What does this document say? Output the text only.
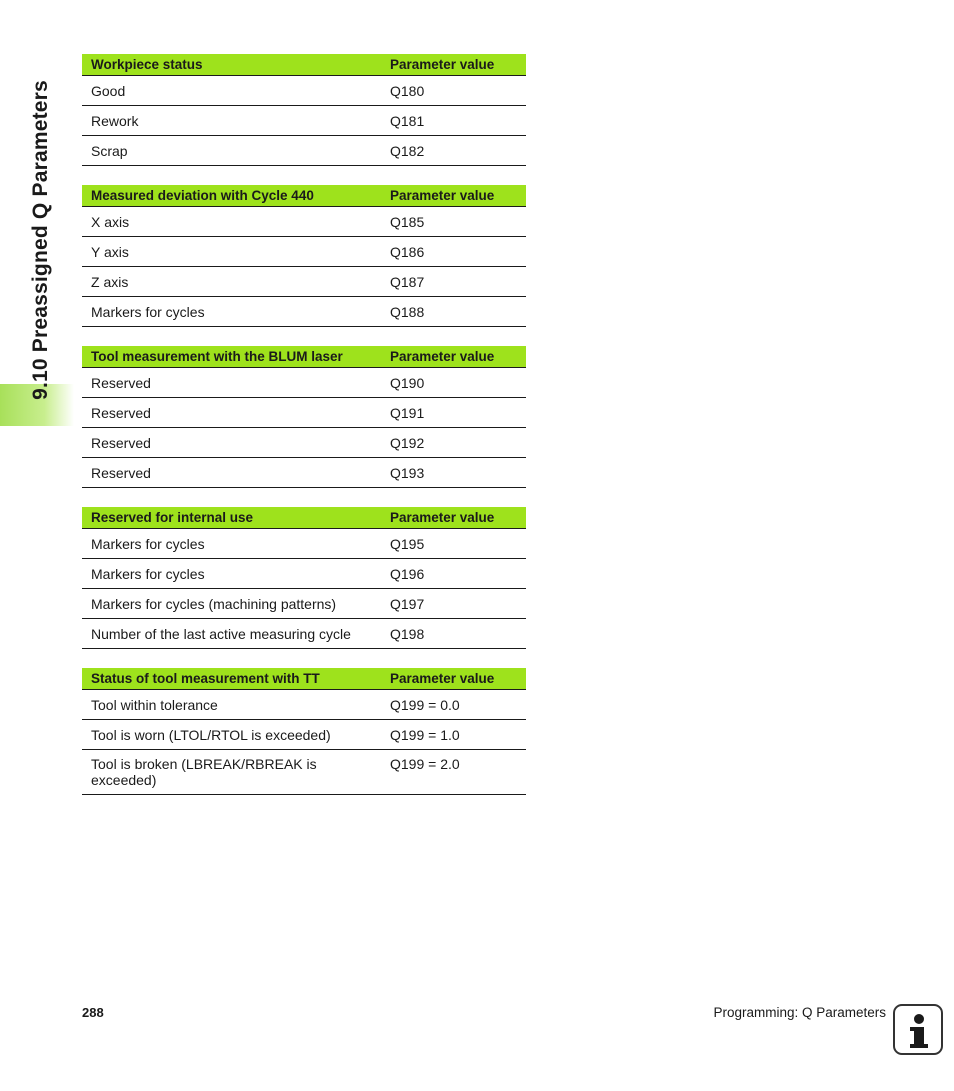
9.10 Preassigned Q Parameters
Workpiece status	Parameter value
Good	Q180
Rework	Q181
Scrap	Q182
Measured deviation with Cycle 440	Parameter value
X axis	Q185
Y axis	Q186
Z axis	Q187
Markers for cycles	Q188
Tool measurement with the BLUM laser	Parameter value
Reserved	Q190
Reserved	Q191
Reserved	Q192
Reserved	Q193
Reserved for internal use	Parameter value
Markers for cycles	Q195
Markers for cycles	Q196
Markers for cycles (machining patterns)	Q197
Number of the last active measuring cycle	Q198
Status of tool measurement with TT	Parameter value
Tool within tolerance	Q199 = 0.0
Tool is worn (LTOL/RTOL is exceeded)	Q199 = 1.0
Tool is broken (LBREAK/RBREAK is exceeded)	Q199 = 2.0
288	Programming: Q Parameters
